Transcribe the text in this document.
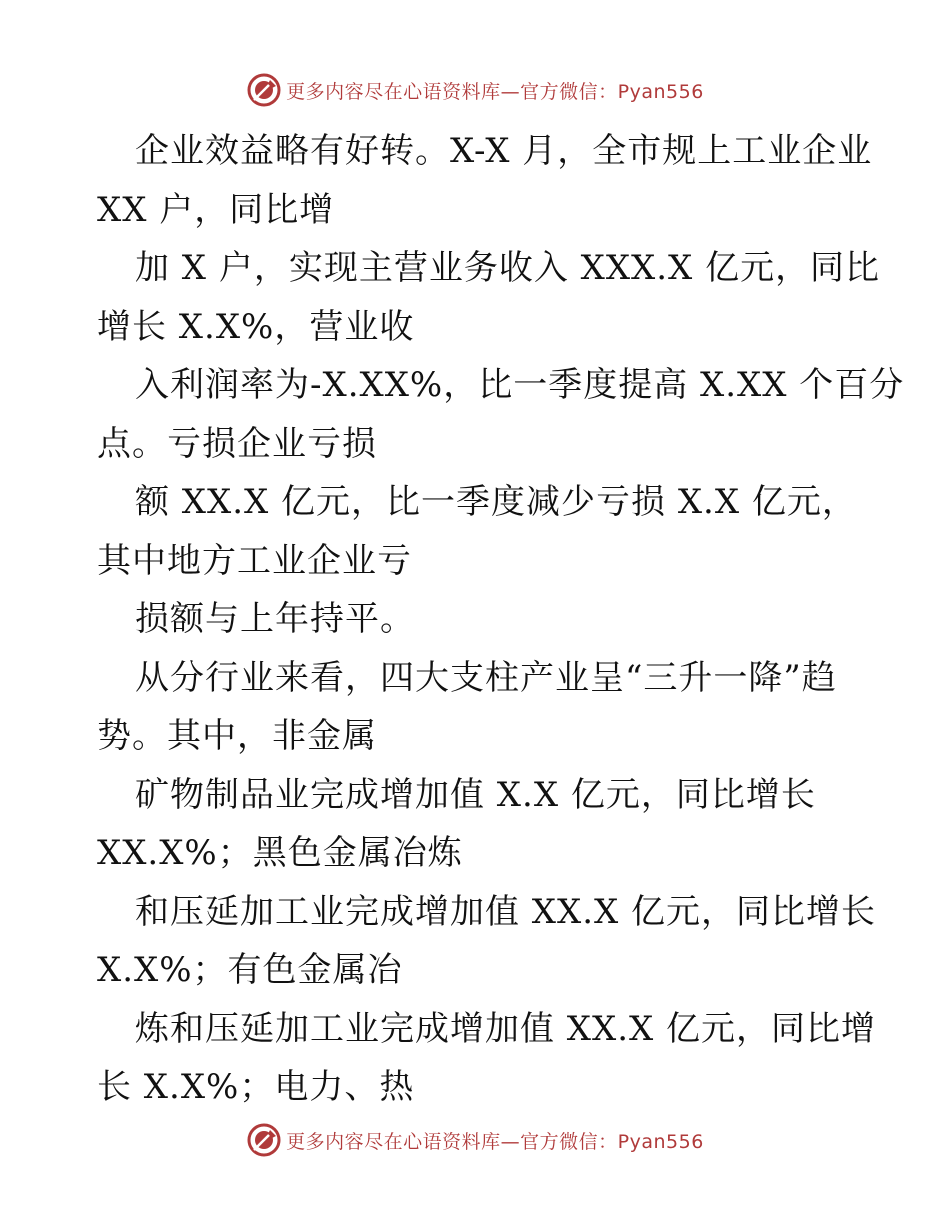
更多内容尽在心语资料库—官方微信：Pyan556
企业效益略有好转。X-X 月，全市规上工业企业
XX 户，同比增
加 X 户，实现主营业务收入 XXX.X 亿元，同比
增长 X.X%，营业收
入利润率为-X.XX%，比一季度提高 X.XX 个百分
点。亏损企业亏损
额 XX.X 亿元，比一季度减少亏损 X.X 亿元，
其中地方工业企业亏
损额与上年持平。
从分行业来看，四大支柱产业呈“三升一降”趋
势。其中，非金属
矿物制品业完成增加值 X.X 亿元，同比增长
XX.X%；黑色金属冶炼
和压延加工业完成增加值 XX.X 亿元，同比增长
X.X%；有色金属冶
炼和压延加工业完成增加值 XX.X 亿元，同比增
长 X.X%；电力、热
更多内容尽在心语资料库—官方微信：Pyan556
